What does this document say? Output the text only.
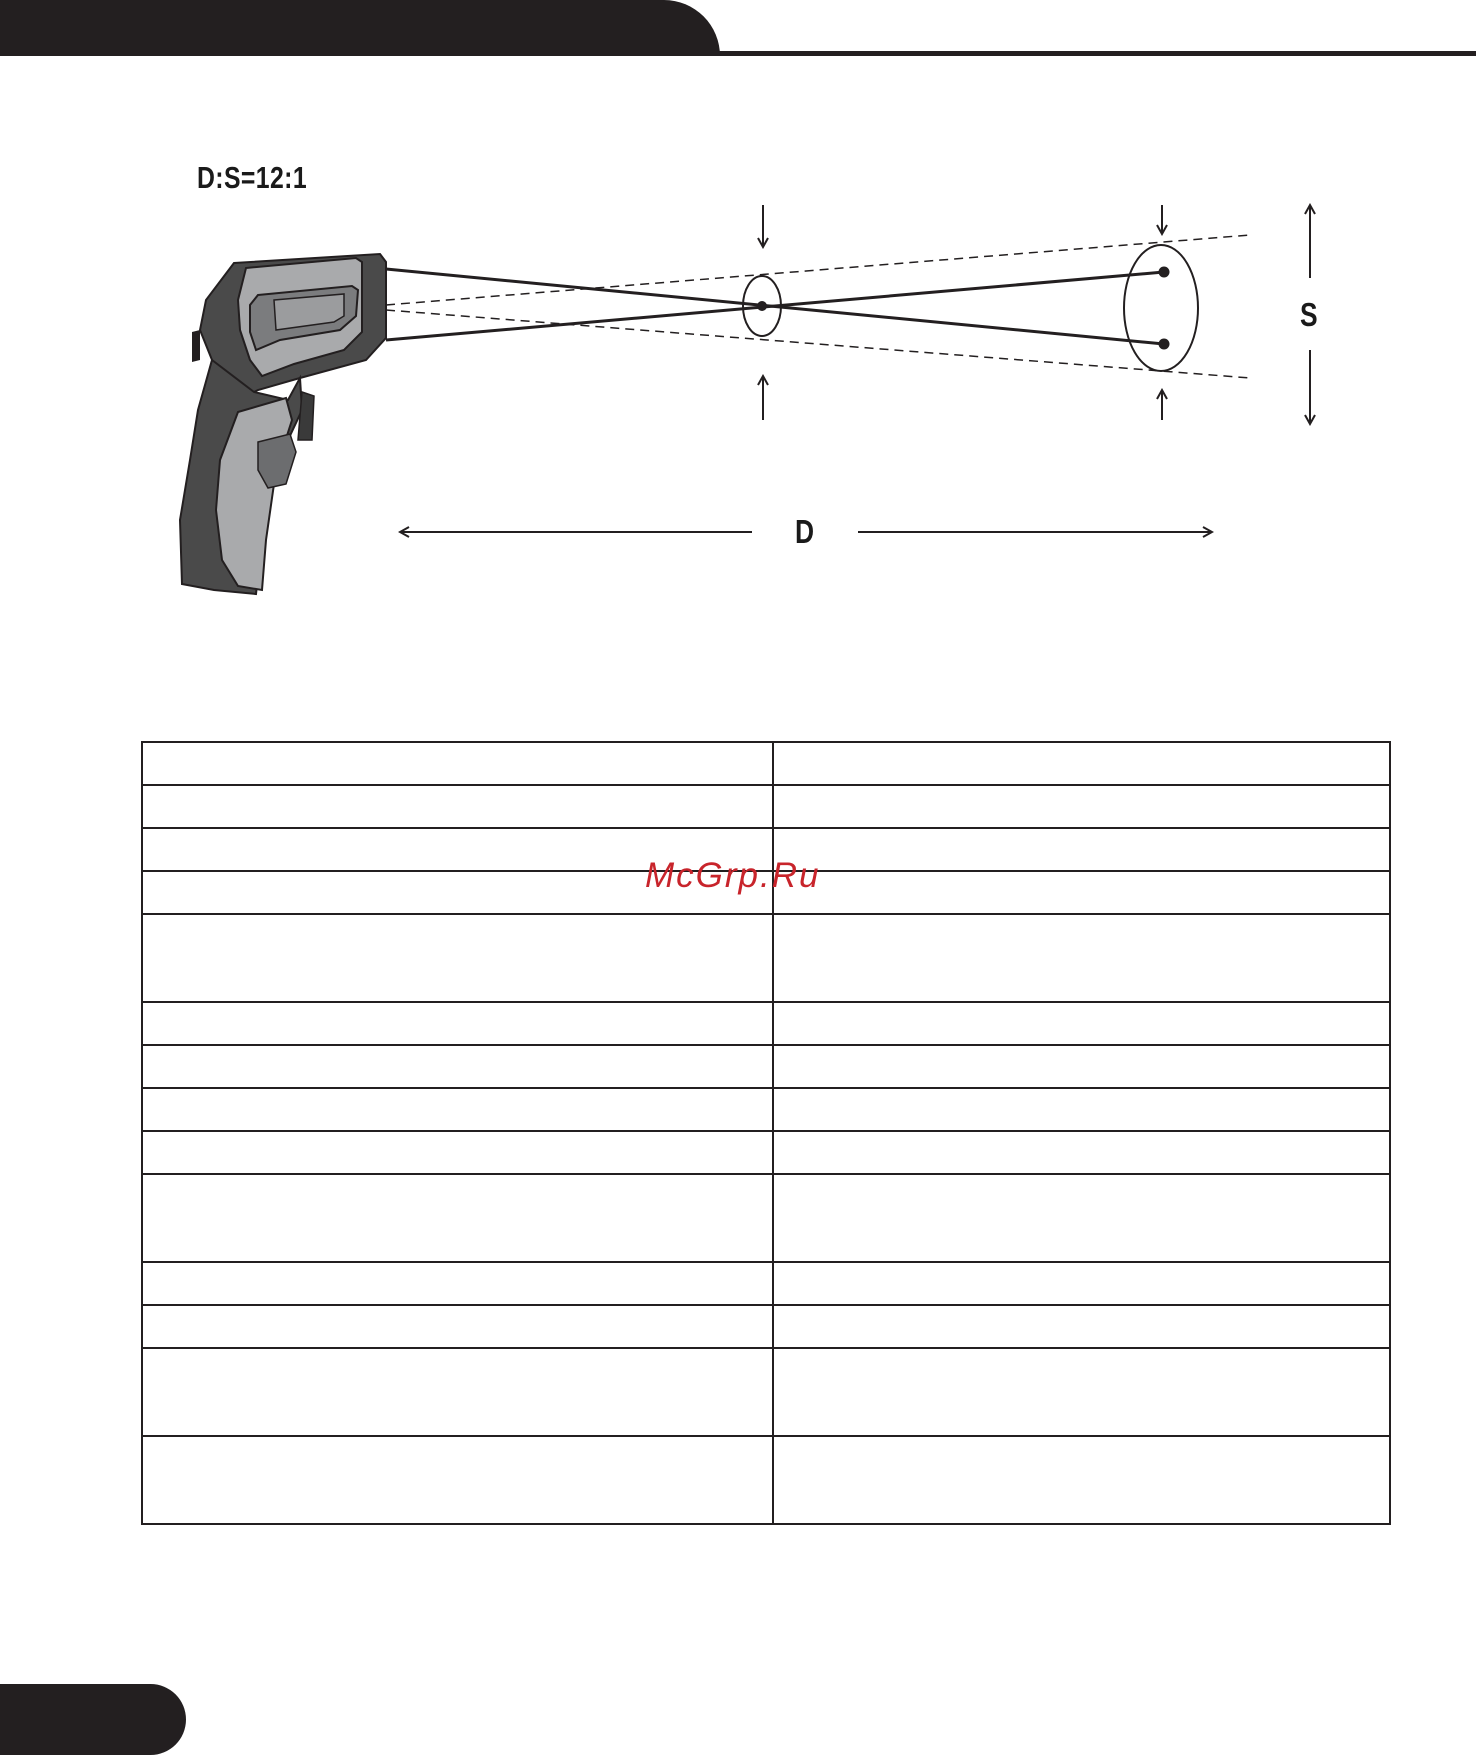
D:S=12:1
S
D

McGrp.Ru
